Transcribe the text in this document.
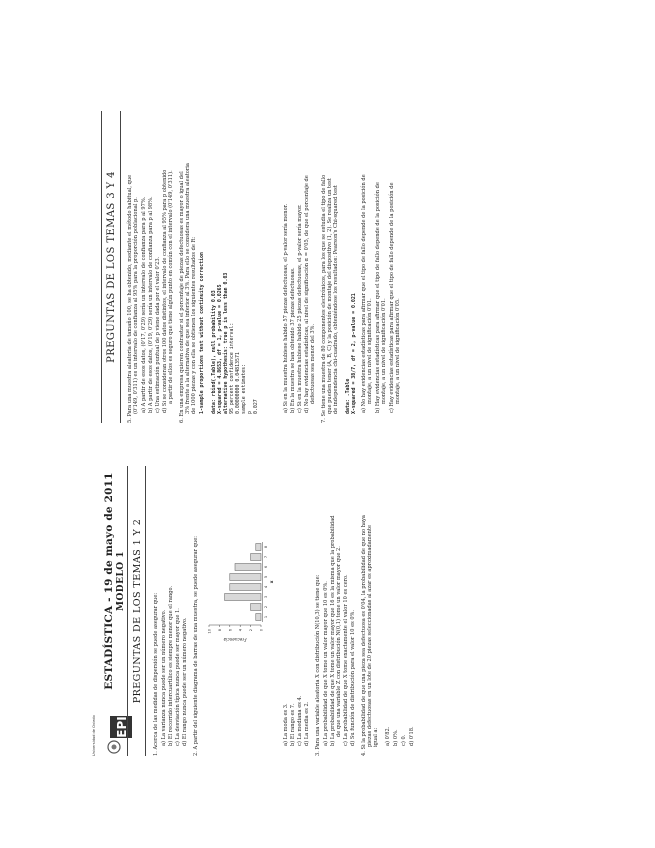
Universidad de Oviedo EPI
ESTADÍSTICA - 19 de mayo de 2011 MODELO 1 PREGUNTAS DE LOS TEMAS 1 Y 2 1. Acerca de las medidas de dispersión se puede asegurar que: a) La varianza nunca puede ser un número negativo. b) El recorrido intercuartílico es siempre menor que el rango. c) La desviación típica nunca puede ser mayor que 1. d) El rango nunca puede ser un número negativo. 2. A partir del siguiente diagrama de barras de una muestra, se puede asegurar que:	0
2
4
6
8
10
Frecuencia
1
2
3
4
5
6
7
8
x
a) La moda es 3. b) El rango es 7. c) La mediana es 4. d) La media es 2. 3. Para una variable aleatoria X con distribución N(10,3) se tiene que: a) La probabilidad de que X tome un valor mayor que 10 es 0%. b) La probabilidad de que X tome un valor mayor que 16 es la misma que la probabilidad de que una variable Z con distribución N(0,1) tome un valor mayor que 2. c) La probabilidad de que X tome exactamente el valor 10 es cero. d) Su función de distribución para el valor 10 es 0%. 4. Si la probabilidad de que una pieza sea defectuosa es 0'04, la probabilidad de que no haya piezas defectuosas en un lote de 20 piezas seleccionadas al azar es aproximadamente igual a: a) 0'82. b) 0%. c) 0. d) 0'18.
PREGUNTAS DE LOS TEMAS 3 Y 4 5. Para una muestra aleatoria de tamaño 100, se ha obtenido, mediante el método habitual, que (0'149, 0'311) es un intervalo de confianza al 95% para la proporción poblacional p. a) A partir de esos datos, (0'17, 0'29) sería un intervalo de confianza para p al 97%. b) A partir de esos datos, (0'19, 0'29) sería un intervalo de confianza para p al 98%. c) Una estimación puntual de p viene dada por el valor 0'23. d) Si se consideran otros 100 datos distintos, el intervalo de confianza al 95% para p obtenido a partir de ellos es seguro que tiene algún punto en común con el intervalo (0'149, 0'311). 6. En una empresa quieren contrastar si el porcentaje de piezas defectuosas es mayor o igual del 3% frente a la alternativa de que sea inferior al 3%. Para ello se considera una muestra aleatoria de 1000 piezas y con ella se obtienen los siguientes resultados de R: 1-sample proportions test without continuity correction data: rbind(.Table), null probability 0.03 X-squared = 4.8653, df = 1, p-value = 0.0265 alternative hypothesis: true p is less than 0.03 95 percent confidence interval: 0.00000000 0.04813571 sample estimates: p 0.027	a) Si en la muestra hubiese habido 57 piezas defectuosas, el p-valor sería menor. b) En la muestra se han obtenido 37 piezas defectuosas. c) Si en la muestra hubiese habido 25 piezas defectuosas, el p-valor sería mayor. d) No hay evidencias estadísticas, al nivel de significación α = 0'05, de que el porcentaje de defectuosas sea menor del 3%. 7. Se tiene una muestra de 80 componentes electrónicos, para los que se estudia el tipo de fallo que pueden tener (A, B, C) y la posición de montaje del dispositivo (1, 2). Se realiza un test de independencia chi-cuadrado, obteniéndose los resultados: Pearson's Chi-squared test data: .Table X-squared = 38/7, df = 2, p-value = 0.021 a) No hay evidencias estadísticas para afirmar que el tipo de fallo depende de la posición de montaje, a un nivel de significación 0'01. b) Hay evidencias estadísticas para afirmar que el tipo de fallo depende de la posición de montaje, a un nivel de significación 0'01. c) Hay evidencias estadísticas para afirmar que el tipo de fallo depende de la posición de montaje, a un nivel de significación 0'05.
